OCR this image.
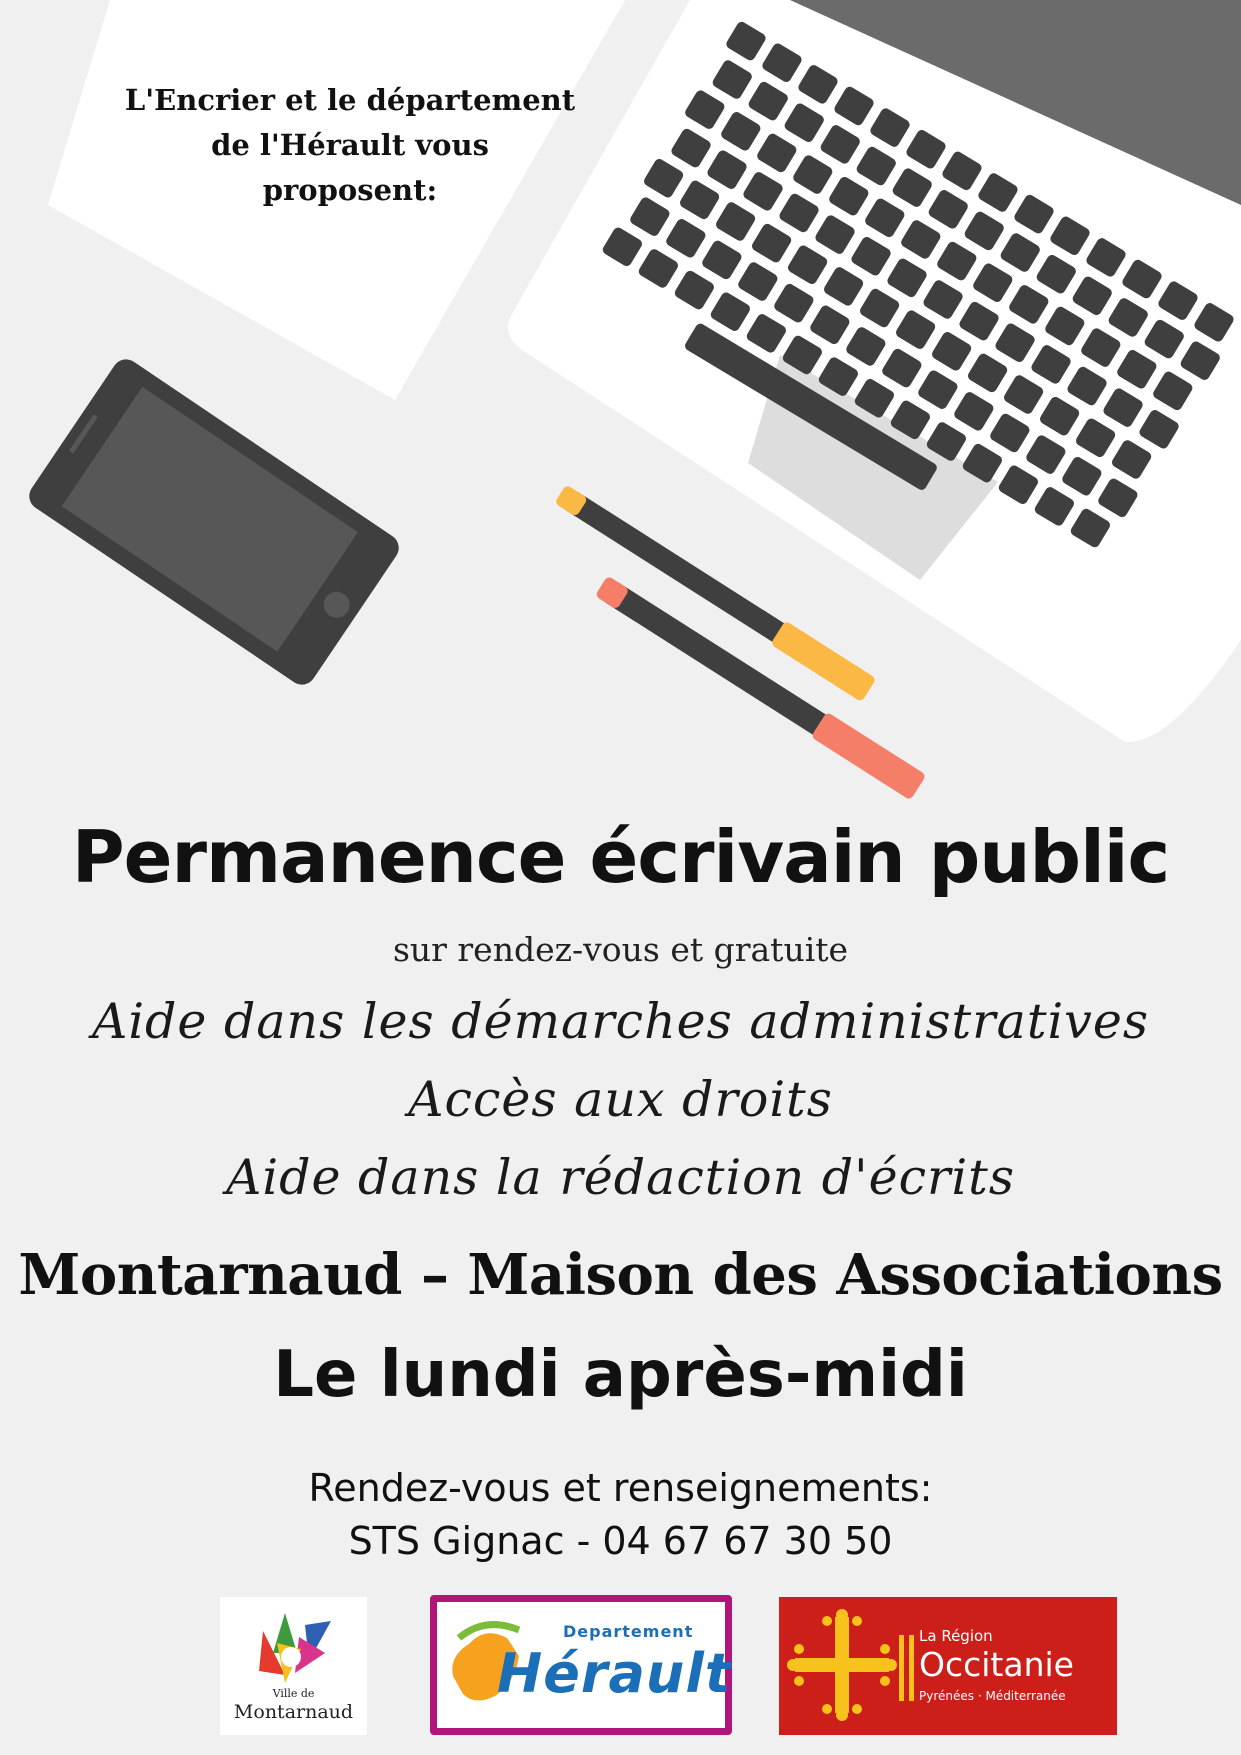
L'Encrier et le département
de l'Hérault vous
proposent:
Permanence écrivain public
sur rendez-vous et gratuite
Aide dans les démarches administratives
Accès aux droits
Aide dans la rédaction d'écrits
Montarnaud – Maison des Associations
Le lundi après-midi
Rendez-vous et renseignements:
STS Gignac - 04 67 67 30 50
Ville de
Montarnaud
Departement
Hérault
La Région
Occitanie
Pyrénées · Méditerranée
